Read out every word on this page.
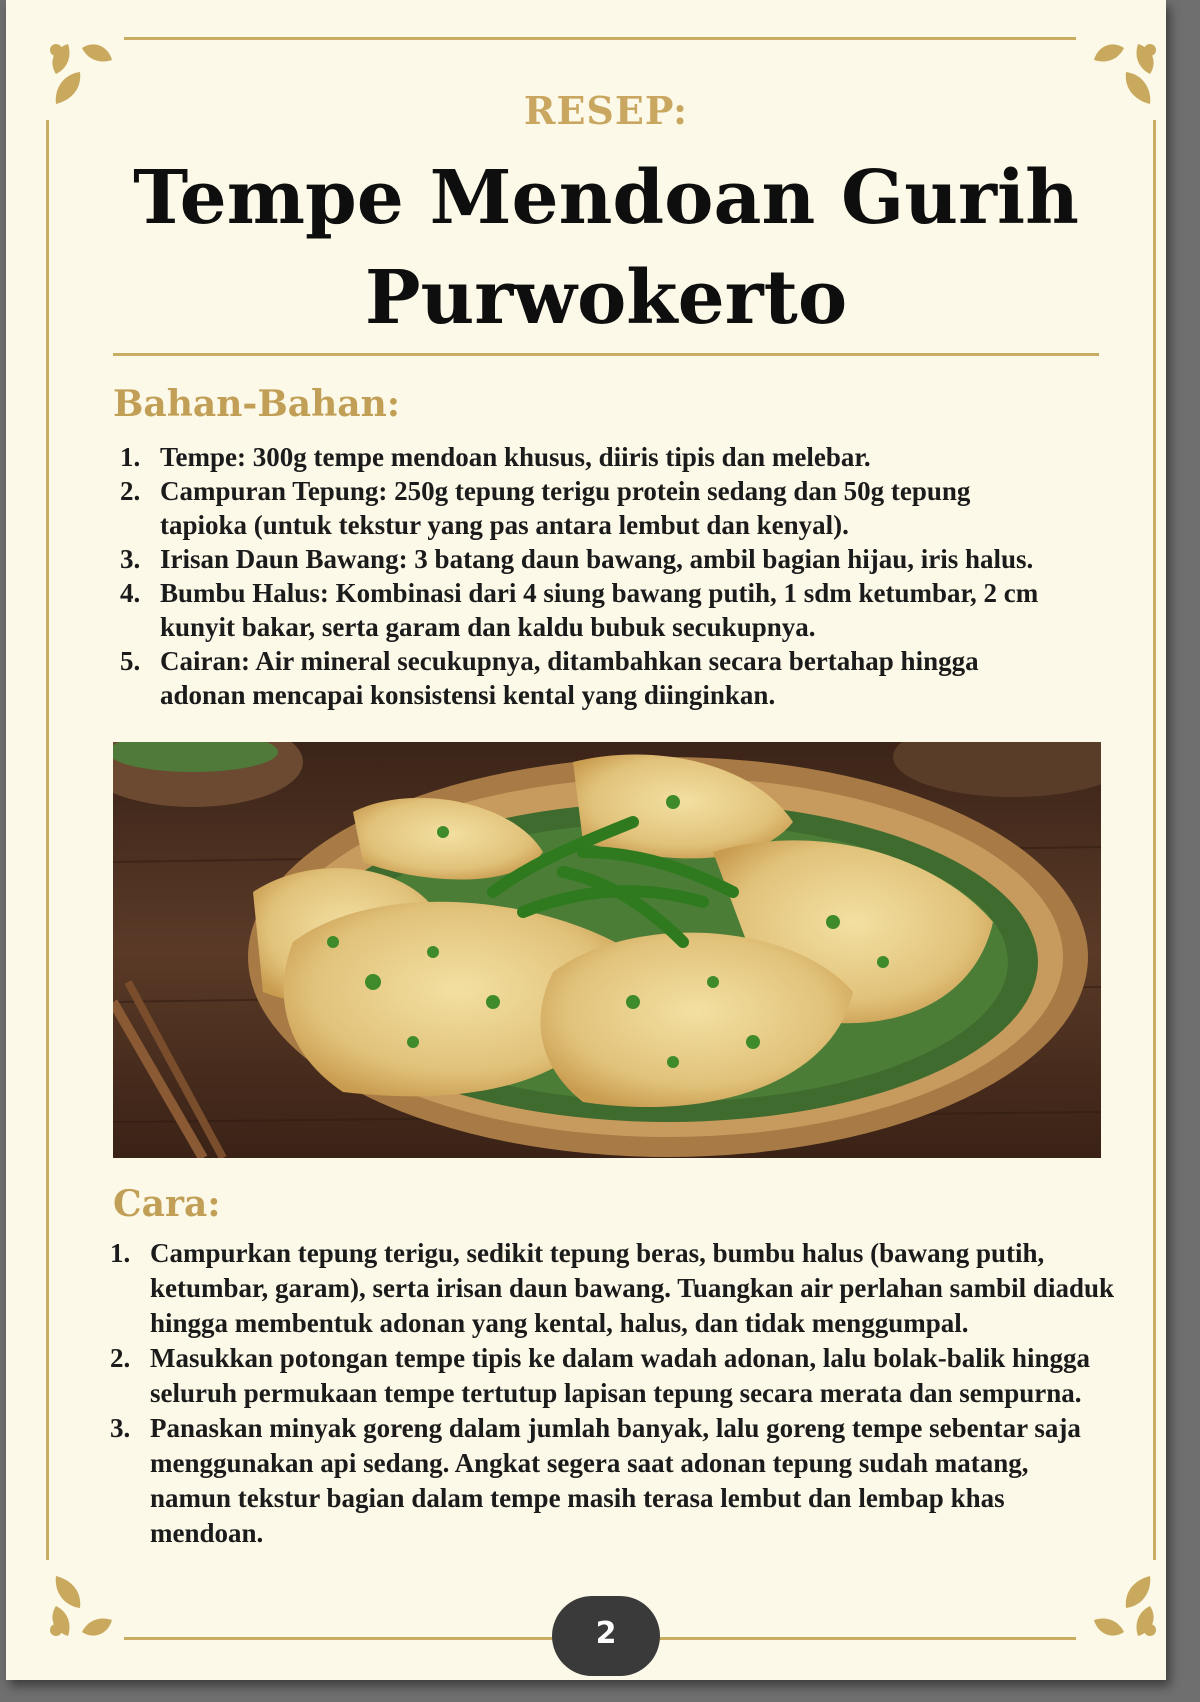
RESEP:
Tempe Mendoan Gurih
Purwokerto
Bahan-Bahan:
1. Tempe: 300g tempe mendoan khusus, diiris tipis dan melebar.
2. Campuran Tepung: 250g tepung terigu protein sedang dan 50g tepung
tapioka (untuk tekstur yang pas antara lembut dan kenyal).
3. Irisan Daun Bawang: 3 batang daun bawang, ambil bagian hijau, iris halus.
4. Bumbu Halus: Kombinasi dari 4 siung bawang putih, 1 sdm ketumbar, 2 cm
kunyit bakar, serta garam dan kaldu bubuk secukupnya.
5. Cairan: Air mineral secukupnya, ditambahkan secara bertahap hingga
adonan mencapai konsistensi kental yang diinginkan.
Cara:
1. Campurkan tepung terigu, sedikit tepung beras, bumbu halus (bawang putih,
ketumbar, garam), serta irisan daun bawang. Tuangkan air perlahan sambil diaduk
hingga membentuk adonan yang kental, halus, dan tidak menggumpal.
2. Masukkan potongan tempe tipis ke dalam wadah adonan, lalu bolak-balik hingga
seluruh permukaan tempe tertutup lapisan tepung secara merata dan sempurna.
3. Panaskan minyak goreng dalam jumlah banyak, lalu goreng tempe sebentar saja
menggunakan api sedang. Angkat segera saat adonan tepung sudah matang,
namun tekstur bagian dalam tempe masih terasa lembut dan lembap khas
mendoan.
2
